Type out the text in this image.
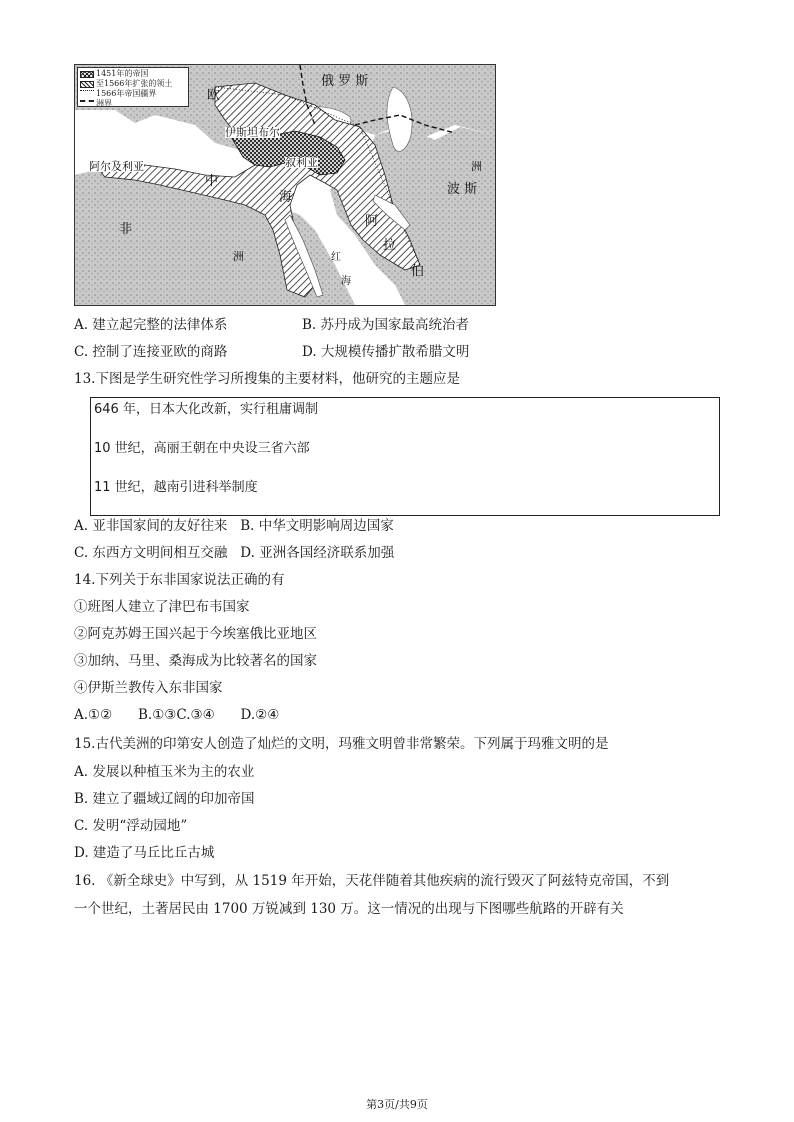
1451年的帝国
至1566年扩张的领土
1566年帝国疆界
洲界
俄 罗 斯
欧
伊斯坦布尔
阿尔及利亚	叙利亚
中
海
洲
波 斯
阿
拉
伯
非
洲	红
海
A. 建立起完整的法律体系	B. 苏丹成为国家最高统治者
C. 控制了连接亚欧的商路	D. 大规模传播扩散希腊文明
13.下图是学生研究性学习所搜集的主要材料，他研究的主题应是
646 年，日本大化改新，实行租庸调制
10 世纪，高丽王朝在中央设三省六部
11 世纪，越南引进科举制度
A. 亚非国家间的友好往来   B. 中华文明影响周边国家
C. 东西方文明间相互交融   D. 亚洲各国经济联系加强
14.下列关于东非国家说法正确的有
①班图人建立了津巴布韦国家
②阿克苏姆王国兴起于今埃塞俄比亚地区
③加纳、马里、桑海成为比较著名的国家
④伊斯兰教传入东非国家
A.①②      B.①③C.③④      D.②④
15.古代美洲的印第安人创造了灿烂的文明，玛雅文明曾非常繁荣。下列属于玛雅文明的是
A. 发展以种植玉米为主的农业
B. 建立了疆域辽阔的印加帝国
C. 发明“浮动园地”
D. 建造了马丘比丘古城
16. 《新全球史》中写到，从 1519 年开始，天花伴随着其他疾病的流行毁灭了阿兹特克帝国，不到
一个世纪，土著居民由 1700 万锐减到 130 万。这一情况的出现与下图哪些航路的开辟有关
第3页/共9页
